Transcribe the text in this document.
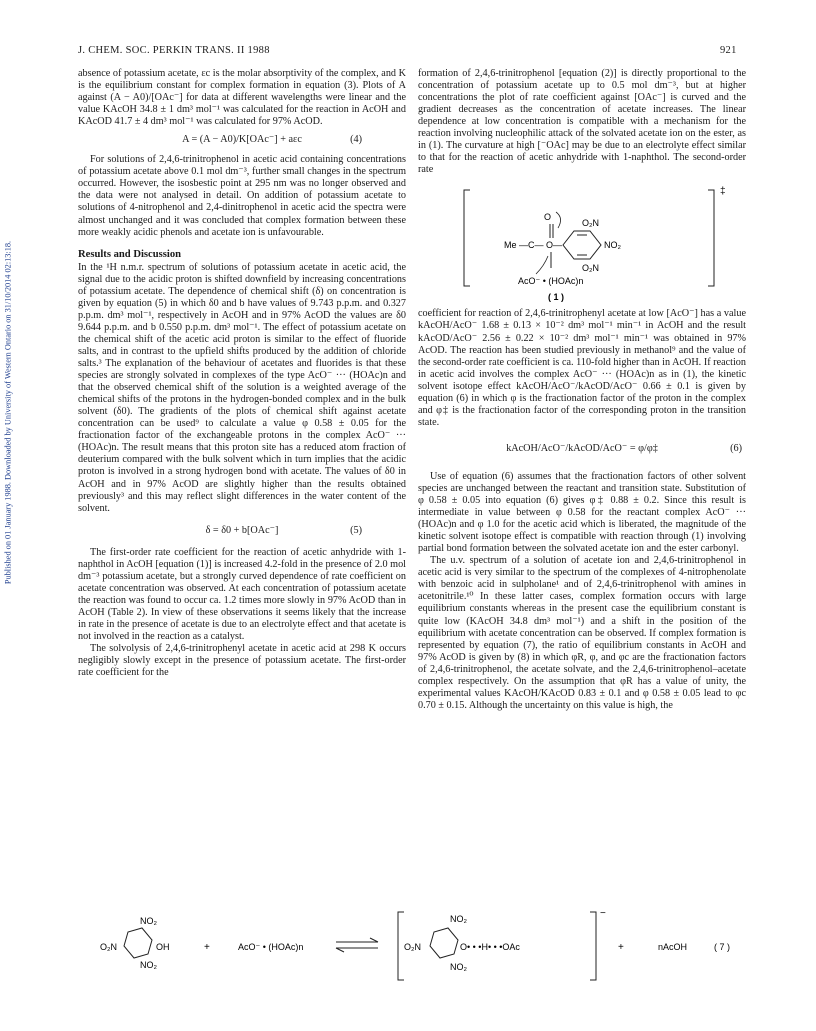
J. CHEM. SOC. PERKIN TRANS. II 1988	921
Published on 01 January 1988. Downloaded by University of Western Ontario on 31/10/2014 02:13:18.

absence of potassium acetate, εc is the molar absorptivity of the complex, and K is the equilibrium constant for complex formation in equation (3). Plots of A against (A − A0)/[OAc⁻] for data at different wavelengths were linear and the value KAcOH 34.8 ± 1 dm³ mol⁻¹ was calculated for the reaction in AcOH and KAcOD 41.7 ± 4 dm³ mol⁻¹ was calculated for 97% AcOD.

A = (A − A0)/K[OAc⁻] + aεc	(4)

For solutions of 2,4,6-trinitrophenol in acetic acid containing concentrations of potassium acetate above 0.1 mol dm⁻³, further small changes in the spectrum occurred. However, the isosbestic point at 295 nm was no longer observed and the data were not analysed in detail. On addition of potassium acetate to solutions of 4-nitrophenol and 2,4-dinitrophenol in acetic acid the spectra were almost unchanged and it was concluded that complex formation between these more weakly acidic phenols and acetate ion is unfavourable.

Results and Discussion

In the ¹H n.m.r. spectrum of solutions of potassium acetate in acetic acid, the signal due to the acidic proton is shifted downfield by increasing concentrations of potassium acetate. The dependence of chemical shift (δ) on concentration is given by equation (5) in which δ0 and b have values of 9.743 p.p.m. and 0.327 p.p.m. dm³ mol⁻¹, respectively in AcOH and in 97% AcOD the values are δ0 9.644 p.p.m. and b 0.550 p.p.m. dm³ mol⁻¹. The effect of potassium acetate on the chemical shift of the acetic acid proton is similar to the effect of fluoride salts, and in contrast to the upfield shifts produced by the addition of chloride salts.³ The explanation of the behaviour of acetates and fluorides is that these species are strongly solvated in complexes of the type AcO⁻ ··· (HOAc)n and that the observed chemical shift of the solution is a weighted average of the chemical shifts of the protons in the hydrogen-bonded complex and in the bulk solvent (δ0). The gradients of the plots of chemical shift against acetate concentration can be used⁹ to calculate a value φ 0.58 ± 0.05 for the fractionation factor of the exchangeable protons in the complex AcO⁻ ··· (HOAc)n. The result means that this proton site has a reduced atom fraction of deuterium compared with the bulk solvent which in turn implies that the acidic proton is involved in a strong hydrogen bond with acetate. The values of δ0 in AcOH and in 97% AcOD are slightly higher than the results obtained previously³ and this may reflect slight differences in the water content of the solvent.

δ = δ0 + b[OAc⁻]	(5)

The first-order rate coefficient for the reaction of acetic anhydride with 1-naphthol in AcOH [equation (1)] is increased 4.2-fold in the presence of 2.0 mol dm⁻³ potassium acetate, but a strongly curved dependence of rate coefficient on acetate concentration was observed. At each concentration of potassium acetate the reaction was found to occur ca. 1.2 times more slowly in 97% AcOD than in AcOH (Table 2). In view of these observations it seems likely that the increase in rate in the presence of acetate is due to an electrolyte effect and that acetate is not involved in the reaction as a catalyst.

The solvolysis of 2,4,6-trinitrophenyl acetate in acetic acid at 298 K occurs negligibly slowly except in the presence of potassium acetate. The first-order rate coefficient for the

formation of 2,4,6-trinitrophenol [equation (2)] is directly proportional to the concentration of potassium acetate up to 0.5 mol dm⁻³, but at higher concentrations the plot of rate coefficient against [OAc⁻] is curved and the gradient decreases as the concentration of acetate increases. The linear dependence at low concentration is compatible with a mechanism for the reaction involving nucleophilic attack of the solvated acetate ion on the ester, as in (1). The curvature at high [⁻OAc] may be due to an electrolyte effect similar to that for the reaction of acetic anhydride with 1-naphthol. The second-order rate

‡
O
Me —C— O—
O₂N
NO₂
O₂N
AcO⁻ • (HOAc)n
( 1 )

coefficient for reaction of 2,4,6-trinitrophenyl acetate at low [AcO⁻] has a value kAcOH/AcO⁻ 1.68 ± 0.13 × 10⁻² dm³ mol⁻¹ min⁻¹ in AcOH and the result kAcOD/AcO⁻ 2.56 ± 0.22 × 10⁻² dm³ mol⁻¹ min⁻¹ was obtained in 97% AcOD. The reaction has been studied previously in methanol⁹ and the value of the second-order rate coefficient is ca. 110-fold higher than in AcOH. If reaction in acetic acid involves the complex AcO⁻ ··· (HOAc)n as in (1), the kinetic solvent isotope effect kAcOH/AcO⁻/kAcOD/AcO⁻ 0.66 ± 0.1 is given by equation (6) in which φ is the fractionation factor of the proton in the complex and φ‡ is the fractionation factor of the corresponding proton in the transition state.

kAcOH/AcO⁻/kAcOD/AcO⁻ = φ/φ‡	(6)

Use of equation (6) assumes that the fractionation factors of other solvent species are unchanged between the reactant and transition state. Substitution of φ 0.58 ± 0.05 into equation (6) gives φ‡ 0.88 ± 0.2. Since this result is intermediate in value between φ 0.58 for the reactant complex AcO⁻ ··· (HOAc)n and φ 1.0 for the acetic acid which is liberated, the magnitude of the kinetic solvent isotope effect is compatible with reaction through (1) involving partial bond formation between the solvated acetate ion and the ester carbonyl.

The u.v. spectrum of a solution of acetate ion and 2,4,6-trinitrophenol in acetic acid is very similar to the spectrum of the complexes of 4-nitrophenolate with benzoic acid in sulpholane¹ and of 2,4,6-trinitrophenol with amines in acetonitrile.¹⁰ In these latter cases, complex formation occurs with large equilibrium constants whereas in the present case the equilibrium constant is quite low (KAcOH 34.8 dm³ mol⁻¹) and a shift in the position of the equilibrium with acetate concentration can be observed. If complex formation is represented by equation (7), the ratio of equilibrium constants in AcOH and 97% AcOD is given by (8) in which φR, φ, and φc are the fractionation factors of 2,4,6-trinitrophenol, the acetate solvate, and the 2,4,6-trinitrophenol–acetate complex respectively. On the assumption that φR has a value of unity, the experimental values KAcOH/KAcOD 0.83 ± 0.1 and φ 0.58 ± 0.05 lead to φc 0.70 ± 0.15. Although the uncertainty on this value is high, the

NO₂
O₂N	OH
NO₂
+	AcO⁻ • (HOAc)n
−
NO₂
O₂N	O• • •H• • •OAc
NO₂
+	nAcOH	( 7 )
